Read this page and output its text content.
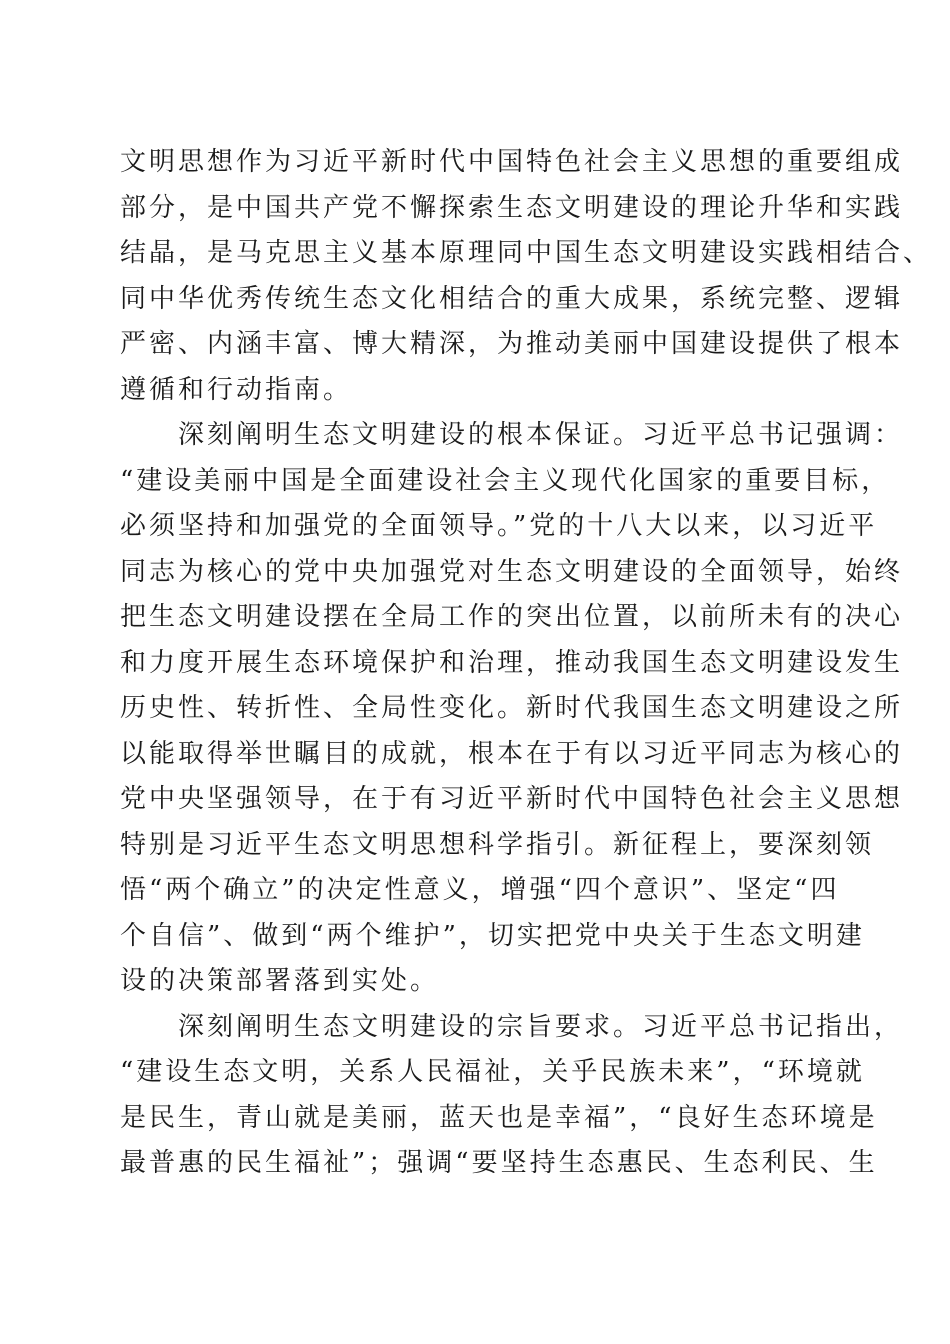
文明思想作为习近平新时代中国特色社会主义思想的重要组成
部分，是中国共产党不懈探索生态文明建设的理论升华和实践
结晶，是马克思主义基本原理同中国生态文明建设实践相结合、
同中华优秀传统生态文化相结合的重大成果，系统完整、逻辑
严密、内涵丰富、博大精深，为推动美丽中国建设提供了根本
遵循和行动指南。
深刻阐明生态文明建设的根本保证。习近平总书记强调：
“建设美丽中国是全面建设社会主义现代化国家的重要目标，
必须坚持和加强党的全面领导。”党的十八大以来，以习近平
同志为核心的党中央加强党对生态文明建设的全面领导，始终
把生态文明建设摆在全局工作的突出位置，以前所未有的决心
和力度开展生态环境保护和治理，推动我国生态文明建设发生
历史性、转折性、全局性变化。新时代我国生态文明建设之所
以能取得举世瞩目的成就，根本在于有以习近平同志为核心的
党中央坚强领导，在于有习近平新时代中国特色社会主义思想
特别是习近平生态文明思想科学指引。新征程上，要深刻领
悟“两个确立”的决定性意义，增强“四个意识”、坚定“四
个自信”、做到“两个维护”，切实把党中央关于生态文明建
设的决策部署落到实处。
深刻阐明生态文明建设的宗旨要求。习近平总书记指出，
“建设生态文明，关系人民福祉，关乎民族未来”，“环境就
是民生，青山就是美丽，蓝天也是幸福”，“良好生态环境是
最普惠的民生福祉”；强调“要坚持生态惠民、生态利民、生
